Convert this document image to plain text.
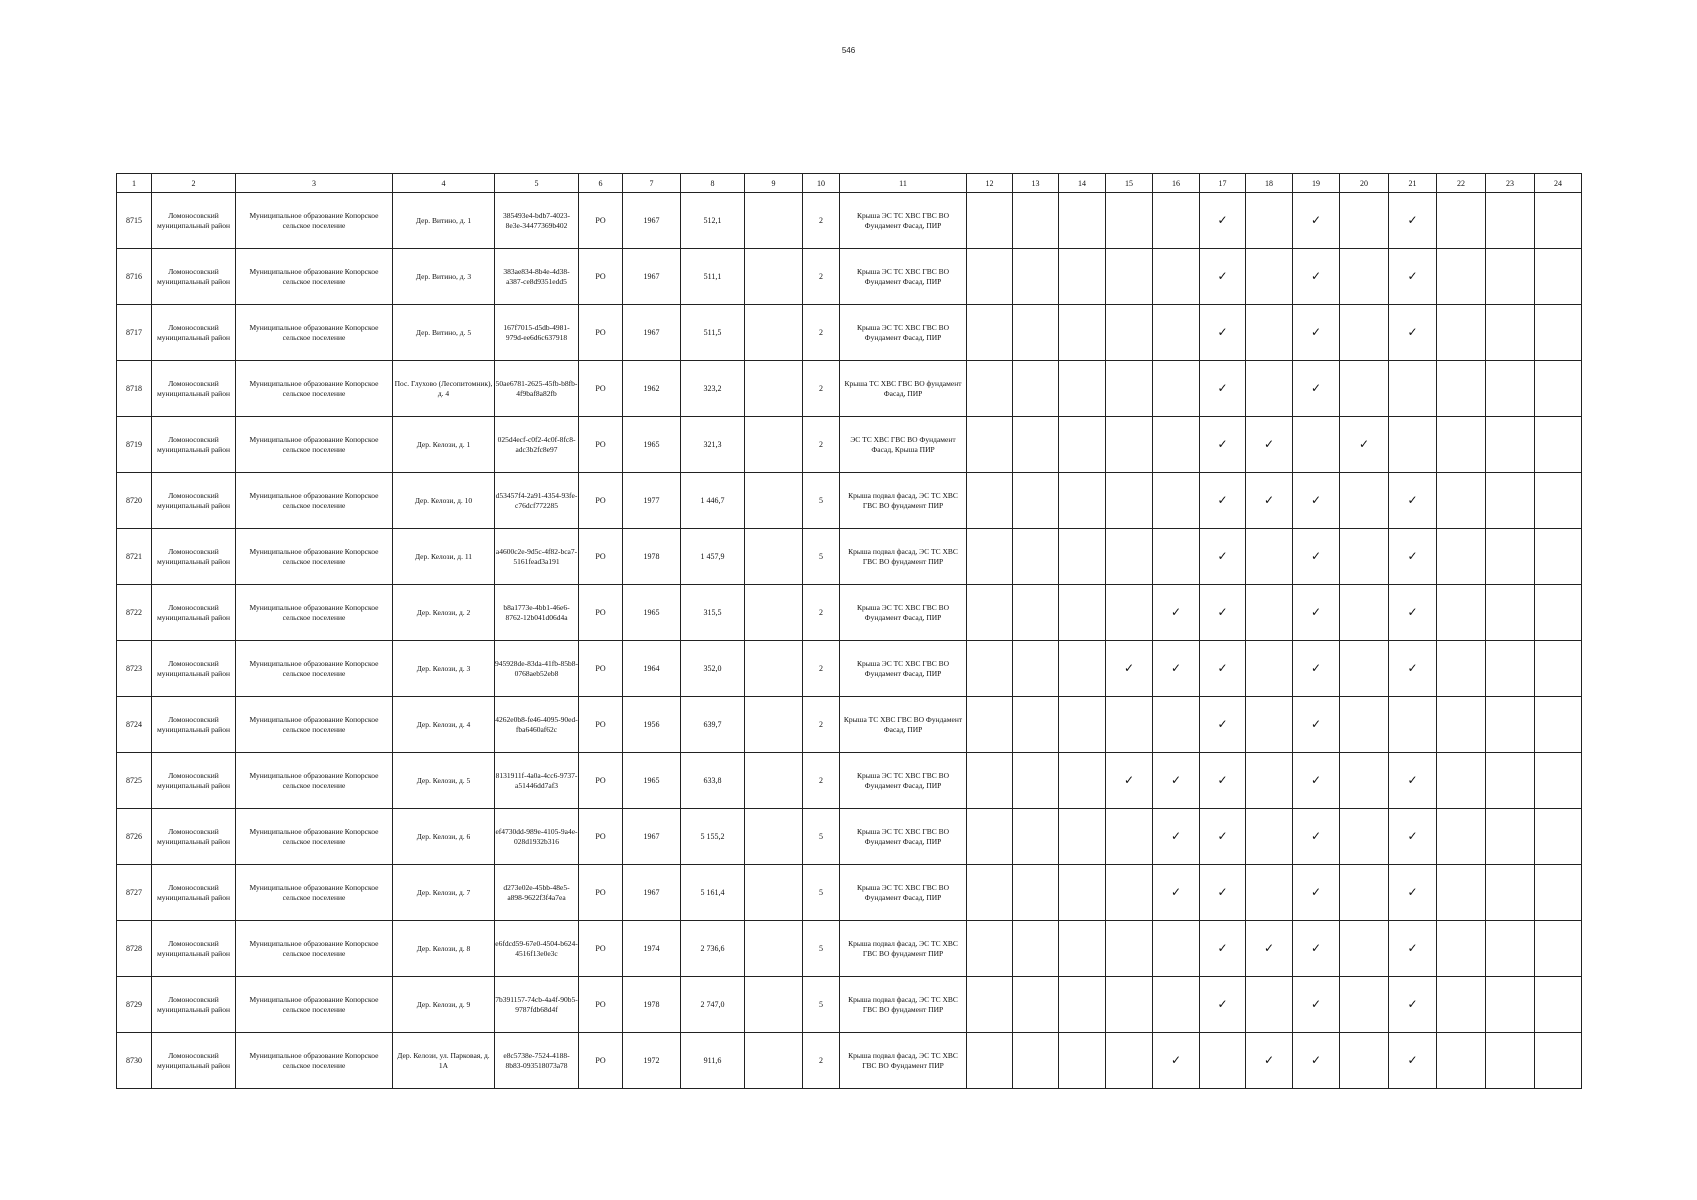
546
1	2	3	4	5	6	7	8	9	10	11	12	13	14	15	16	17	18	19	20	21	22	23	24
8715	Ломоносовский муниципальный район	Муниципальное образование Копорское сельское поселение	Дер. Витино, д. 1	385493e4-bdb7-4023-8e3e-34477369b402	РО	1967	512,1		2	Крыша ЭС ТС ХВС ГВС ВО Фундамент Фасад, ПИР						✓		✓		✓			
8716	Ломоносовский муниципальный район	Муниципальное образование Копорское сельское поселение	Дер. Витино, д. 3	383ae834-8b4e-4d38-a387-ce8d9351edd5	РО	1967	511,1		2	Крыша ЭС ТС ХВС ГВС ВО Фундамент Фасад, ПИР						✓		✓		✓			
8717	Ломоносовский муниципальный район	Муниципальное образование Копорское сельское поселение	Дер. Витино, д. 5	167f7015-d5db-4981-979d-ee6d6c637918	РО	1967	511,5		2	Крыша ЭС ТС ХВС ГВС ВО Фундамент Фасад, ПИР						✓		✓		✓			
8718	Ломоносовский муниципальный район	Муниципальное образование Копорское сельское поселение	Пос. Глухово (Лесопитомник), д. 4	50ae6781-2625-45fb-b8fb-4f9baf8a82fb	РО	1962	323,2		2	Крыша ТС ХВС ГВС ВО фундамент Фасад, ПИР						✓		✓					
8719	Ломоносовский муниципальный район	Муниципальное образование Копорское сельское поселение	Дер. Келози, д. 1	025d4ecf-c0f2-4c0f-8fc8-adc3b2fc8e97	РО	1965	321,3		2	ЭС ТС ХВС ГВС ВО Фундамент Фасад, Крыша ПИР						✓	✓		✓				
8720	Ломоносовский муниципальный район	Муниципальное образование Копорское сельское поселение	Дер. Келози, д. 10	d53457f4-2a91-4354-93fe-c76dcf772285	РО	1977	1 446,7		5	Крыша подвал фасад, ЭС ТС ХВС ГВС ВО фундамент ПИР						✓	✓	✓		✓			
8721	Ломоносовский муниципальный район	Муниципальное образование Копорское сельское поселение	Дер. Келози, д. 11	a4600c2e-9d5c-4f82-bca7-5161fead3a191	РО	1978	1 457,9		5	Крыша подвал фасад, ЭС ТС ХВС ГВС ВО фундамент ПИР						✓		✓		✓			
8722	Ломоносовский муниципальный район	Муниципальное образование Копорское сельское поселение	Дер. Келози, д. 2	b8a1773e-4bb1-46e6-8762-12b041d06d4a	РО	1965	315,5		2	Крыша ЭС ТС ХВС ГВС ВО Фундамент Фасад, ПИР					✓	✓		✓		✓			
8723	Ломоносовский муниципальный район	Муниципальное образование Копорское сельское поселение	Дер. Келози, д. 3	945928de-83da-41fb-85b8-0768aeb52eb8	РО	1964	352,0		2	Крыша ЭС ТС ХВС ГВС ВО Фундамент Фасад, ПИР				✓	✓	✓		✓		✓			
8724	Ломоносовский муниципальный район	Муниципальное образование Копорское сельское поселение	Дер. Келози, д. 4	4262e0b8-fe46-4095-90ed-fba6460af62c	РО	1956	639,7		2	Крыша ТС ХВС ГВС ВО Фундамент Фасад, ПИР						✓		✓					
8725	Ломоносовский муниципальный район	Муниципальное образование Копорское сельское поселение	Дер. Келози, д. 5	8131911f-4a0a-4cc6-9737-a51446dd7af3	РО	1965	633,8		2	Крыша ЭС ТС ХВС ГВС ВО Фундамент Фасад, ПИР				✓	✓	✓		✓		✓			
8726	Ломоносовский муниципальный район	Муниципальное образование Копорское сельское поселение	Дер. Келози, д. 6	ef4730dd-989e-4105-9a4e-028d1932b316	РО	1967	5 155,2		5	Крыша ЭС ТС ХВС ГВС ВО Фундамент Фасад, ПИР					✓	✓		✓		✓			
8727	Ломоносовский муниципальный район	Муниципальное образование Копорское сельское поселение	Дер. Келози, д. 7	d273e02e-45bb-48e5-a898-9622f3f4a7ea	РО	1967	5 161,4		5	Крыша ЭС ТС ХВС ГВС ВО Фундамент Фасад, ПИР					✓	✓		✓		✓			
8728	Ломоносовский муниципальный район	Муниципальное образование Копорское сельское поселение	Дер. Келози, д. 8	e6fdcd59-67e0-4504-b624-4516f13e0e3c	РО	1974	2 736,6		5	Крыша подвал фасад, ЭС ТС ХВС ГВС ВО фундамент ПИР						✓	✓	✓		✓			
8729	Ломоносовский муниципальный район	Муниципальное образование Копорское сельское поселение	Дер. Келози, д. 9	7b391157-74cb-4a4f-90b5-9787fdb68d4f	РО	1978	2 747,0		5	Крыша подвал фасад, ЭС ТС ХВС ГВС ВО фундамент ПИР						✓		✓		✓			
8730	Ломоносовский муниципальный район	Муниципальное образование Копорское сельское поселение	Дер. Келози, ул. Парковая, д. 1А	e8c5738e-7524-4188-8b83-093518073a78	РО	1972	911,6		2	Крыша подвал фасад, ЭС ТС ХВС ГВС ВО Фундамент ПИР					✓		✓	✓		✓			
